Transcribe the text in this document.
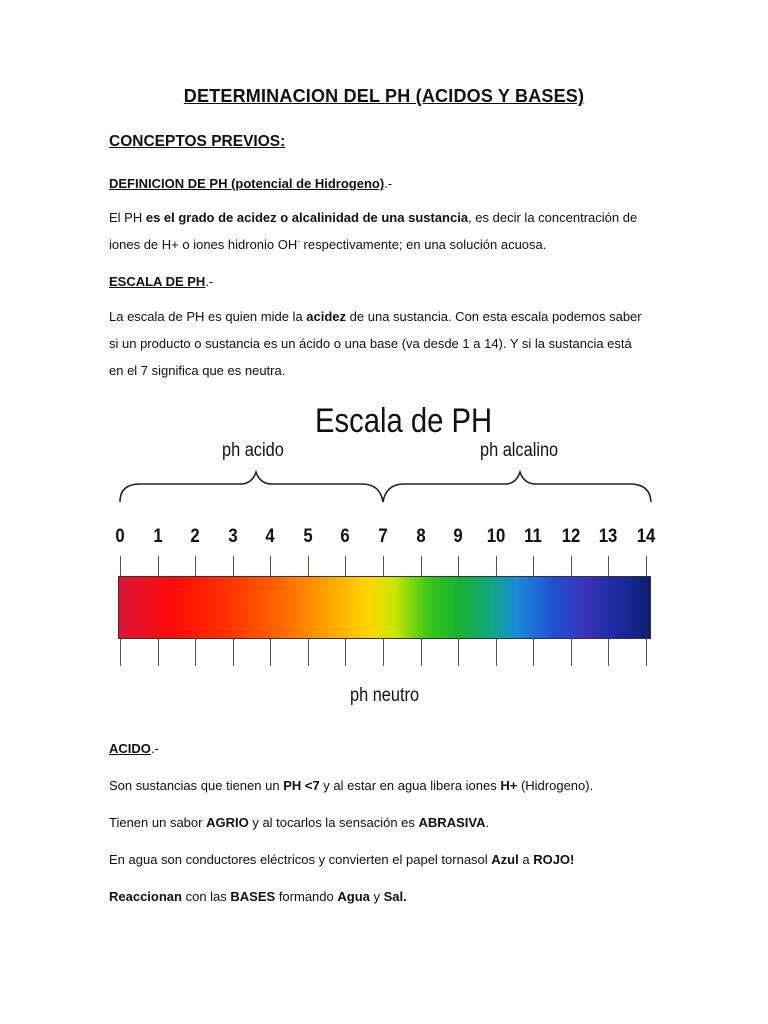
DETERMINACION DEL PH (ACIDOS Y BASES)
CONCEPTOS PREVIOS:

DEFINICION DE PH (potencial de Hidrogeno).-

El PH es el grado de acidez o alcalinidad de una sustancia, es decir la concentración de
iones de H+ o iones hidronio OH- respectivamente; en una solución acuosa.

ESCALA DE PH.-

La escala de PH es quien mide la acidez de una sustancia. Con esta escala podemos saber
si un producto o sustancia es un ácido o una base (va desde 1 a 14). Y si la sustancia está
en el 7 significa que es neutra.

Escala de PH
ph acido	ph alcalino
0 1 2 3 4 5 6 7 8 9 10 11 12 13 14
ph neutro

ACIDO.-

Son sustancias que tienen un PH <7 y al estar en agua libera iones H+ (Hidrogeno).

Tienen un sabor AGRIO y al tocarlos la sensación es ABRASIVA.

En agua son conductores eléctricos y convierten el papel tornasol Azul a ROJO!

Reaccionan con las BASES formando Agua y Sal.
